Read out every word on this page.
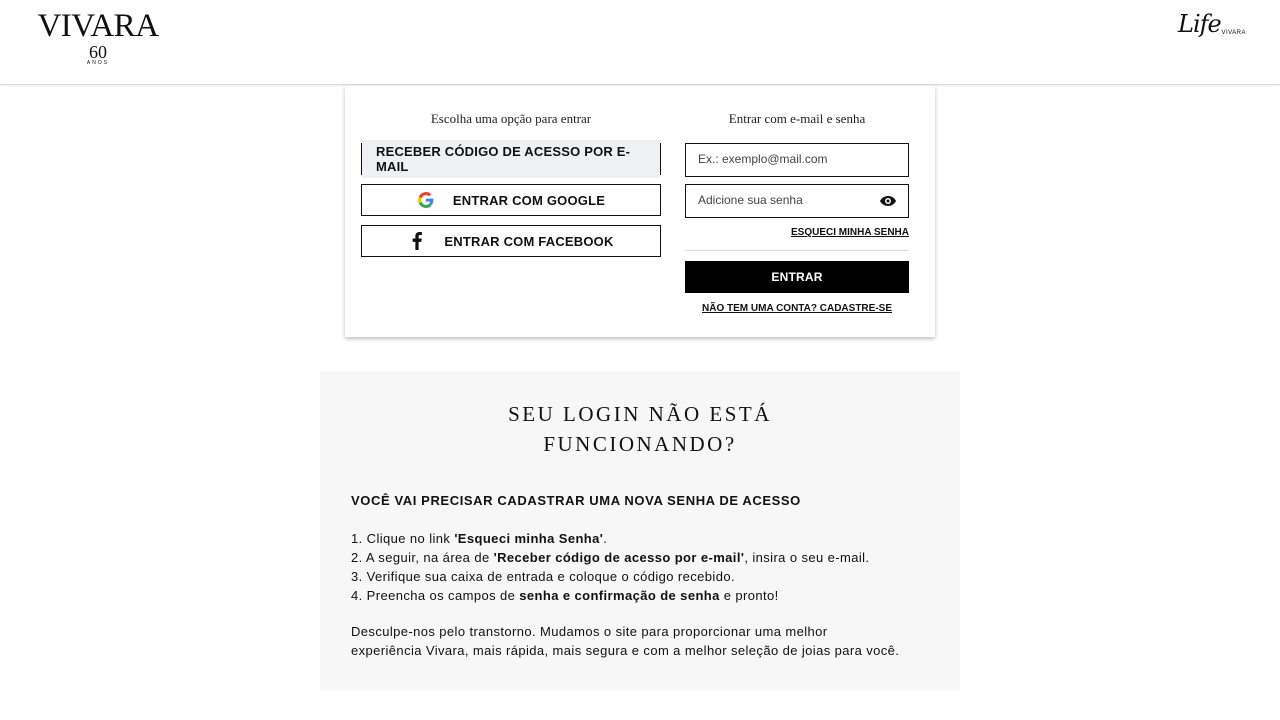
VIVARA
60
ANOS
Life VIVARA
Escolha uma opção para entrar	Entrar com e-mail e senha
RECEBER CÓDIGO DE ACESSO POR E-MAIL
ENTRAR COM GOOGLE
ENTRAR COM FACEBOOK
Ex.: exemplo@mail.com
ESQUECI MINHA SENHA
ENTRAR
NÃO TEM UMA CONTA? CADASTRE-SE
SEU LOGIN NÃO ESTÁ
FUNCIONANDO?
VOCÊ VAI PRECISAR CADASTRAR UMA NOVA SENHA DE ACESSO
1. Clique no link 'Esqueci minha Senha'.
2. A seguir, na área de 'Receber código de acesso por e-mail', insira o seu e-mail.
3. Verifique sua caixa de entrada e coloque o código recebido.
4. Preencha os campos de senha e confirmação de senha e pronto!
Desculpe-nos pelo transtorno. Mudamos o site para proporcionar uma melhor
experiência Vivara, mais rápida, mais segura e com a melhor seleção de joias para você.
